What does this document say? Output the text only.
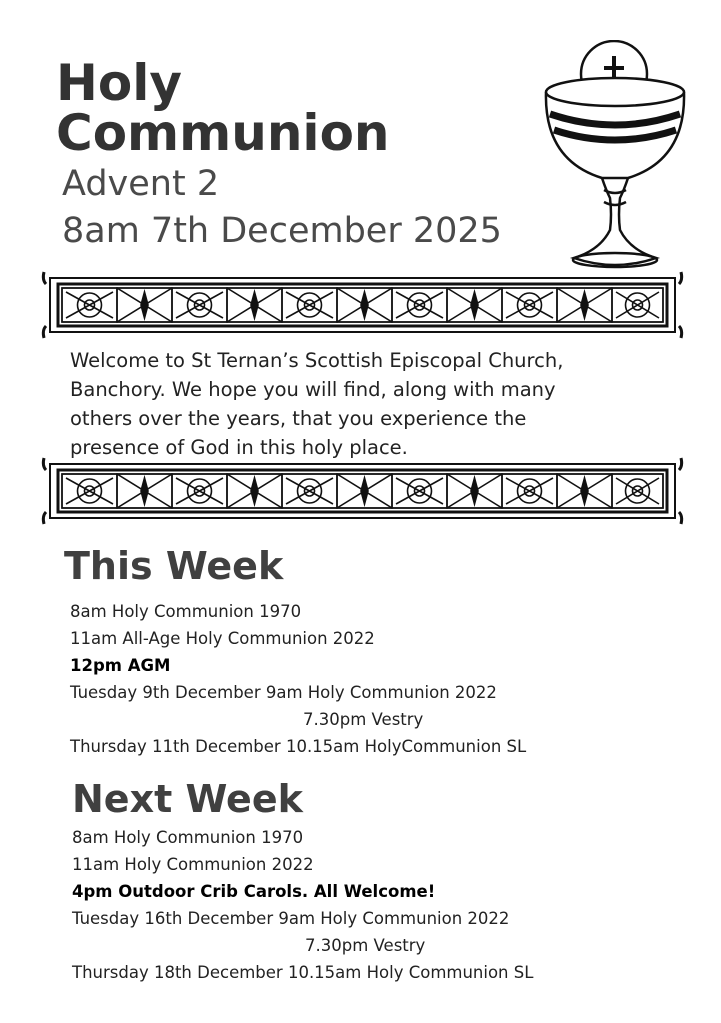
Holy
Communion
Advent 2
8am 7th December 2025

Welcome to St Ternan’s Scottish Episcopal Church,

Banchory. We hope you will find, along with many

others over the years, that you experience the

presence of God in this holy place.

This Week
8am Holy Communion 1970
11am All-Age Holy Communion 2022
12pm AGM
Tuesday 9th December 9am Holy Communion 2022
7.30pm Vestry
Thursday 11th December 10.15am HolyCommunion SL
Next Week
8am Holy Communion 1970
11am Holy Communion 2022
4pm Outdoor Crib Carols. All Welcome!
Tuesday 16th December 9am Holy Communion 2022
7.30pm Vestry
Thursday 18th December 10.15am Holy Communion SL
